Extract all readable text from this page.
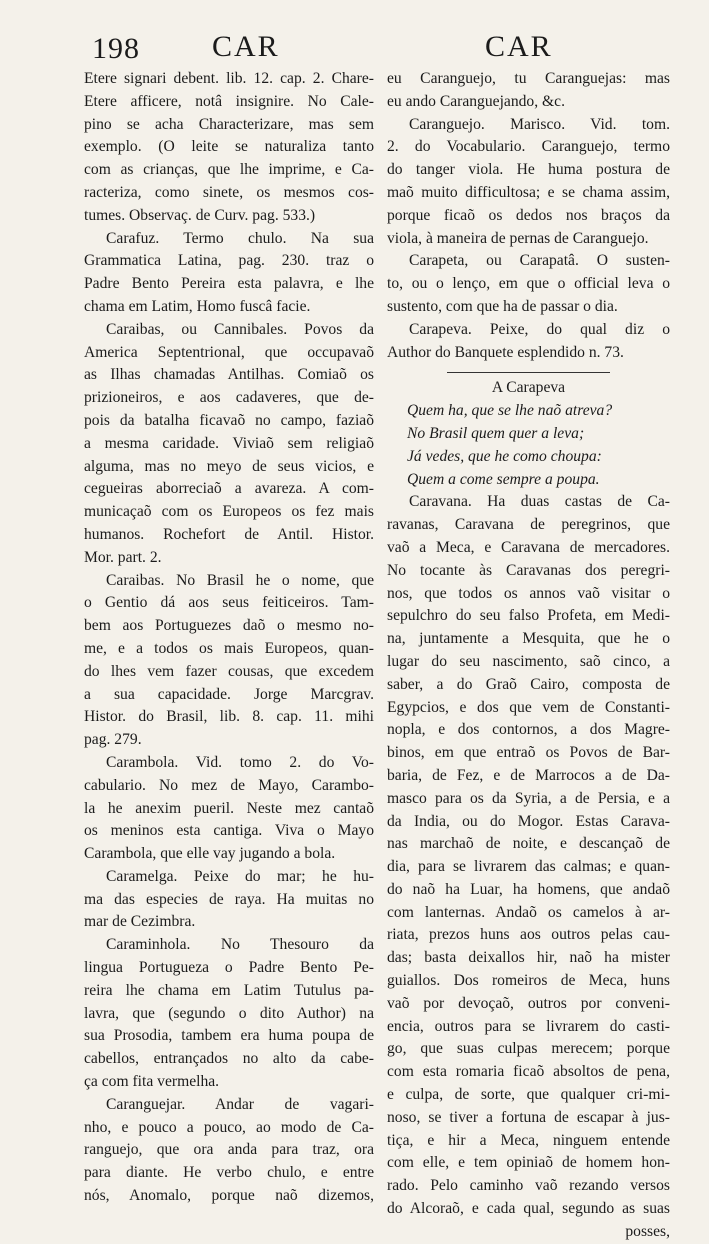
198 CAR	CAR
Etere signari debent. lib. 12. cap. 2. Chare-
Etere afficere, notâ insignire. No Cale-
pino se acha Characterizare, mas sem
exemplo. (O leite se naturaliza tanto
com as crianças, que lhe imprime, e Ca-
racteriza, como sinete, os mesmos cos-
tumes. Observaç. de Curv. pag. 533.)
Carafuz. Termo chulo. Na sua
Grammatica Latina, pag. 230. traz o
Padre Bento Pereira esta palavra, e lhe
chama em Latim, Homo fuscâ facie.
Caraibas, ou Cannibales. Povos da
America Septentrional, que occupavaõ
as Ilhas chamadas Antilhas. Comiaõ os
prizioneiros, e aos cadaveres, que de-
pois da batalha ficavaõ no campo, faziaõ
a mesma caridade. Viviaõ sem religiaõ
alguma, mas no meyo de seus vicios, e
cegueiras aborreciaõ a avareza. A com-
municaçaõ com os Europeos os fez mais
humanos. Rochefort de Antil. Histor.
Mor. part. 2.
Caraibas. No Brasil he o nome, que
o Gentio dá aos seus feiticeiros. Tam-
bem aos Portuguezes daõ o mesmo no-
me, e a todos os mais Europeos, quan-
do lhes vem fazer cousas, que excedem
a sua capacidade. Jorge Marcgrav.
Histor. do Brasil, lib. 8. cap. 11. mihi
pag. 279.
Carambola. Vid. tomo 2. do Vo-
cabulario. No mez de Mayo, Carambo-
la he anexim pueril. Neste mez cantaõ
os meninos esta cantiga. Viva o Mayo
Carambola, que elle vay jugando a bola.
Caramelga. Peixe do mar; he hu-
ma das especies de raya. Ha muitas no
mar de Cezimbra.
Caraminhola. No Thesouro da
lingua Portugueza o Padre Bento Pe-
reira lhe chama em Latim Tutulus pa-
lavra, que (segundo o dito Author) na
sua Prosodia, tambem era huma poupa de
cabellos, entrançados no alto da cabe-
ça com fita vermelha.
Caranguejar. Andar de vagari-
nho, e pouco a pouco, ao modo de Ca-
ranguejo, que ora anda para traz, ora
para diante. He verbo chulo, e entre
nós, Anomalo, porque naõ dizemos,
eu Caranguejo, tu Caranguejas: mas
eu ando Caranguejando, &c.
Caranguejo. Marisco. Vid. tom.
2. do Vocabulario. Caranguejo, termo
do tanger viola. He huma postura de
maõ muito difficultosa; e se chama assim,
porque ficaõ os dedos nos braços da
viola, à maneira de pernas de Caranguejo.
Carapeta, ou Carapatâ. O susten-
to, ou o lenço, em que o official leva o
sustento, com que ha de passar o dia.
Carapeva. Peixe, do qual diz o
Author do Banquete esplendido n. 73.
A Carapeva
Quem ha, que se lhe naõ atreva?
No Brasil quem quer a leva;
Já vedes, que he como choupa:
Quem a come sempre a poupa.
Caravana. Ha duas castas de Ca-
ravanas, Caravana de peregrinos, que
vaõ a Meca, e Caravana de mercadores.
No tocante às Caravanas dos peregri-
nos, que todos os annos vaõ visitar o
sepulchro do seu falso Profeta, em Medi-
na, juntamente a Mesquita, que he o
lugar do seu nascimento, saõ cinco, a
saber, a do Graõ Cairo, composta de
Egypcios, e dos que vem de Constanti-
nopla, e dos contornos, a dos Magre-
binos, em que entraõ os Povos de Bar-
baria, de Fez, e de Marrocos a de Da-
masco para os da Syria, a de Persia, e a
da India, ou do Mogor. Estas Carava-
nas marchaõ de noite, e descançaõ de
dia, para se livrarem das calmas; e quan-
do naõ ha Luar, ha homens, que andaõ
com lanternas. Andaõ os camelos à ar-
riata, prezos huns aos outros pelas cau-
das; basta deixallos hir, naõ ha mister
guiallos. Dos romeiros de Meca, huns
vaõ por devoçaõ, outros por conveni-
encia, outros para se livrarem do casti-
go, que suas culpas merecem; porque
com esta romaria ficaõ absoltos de pena,
e culpa, de sorte, que qualquer cri-mi-
noso, se tiver a fortuna de escapar à jus-
tiça, e hir a Meca, ninguem entende
com elle, e tem opiniaõ de homem hon-
rado. Pelo caminho vaõ rezando versos
do Alcoraõ, e cada qual, segundo as suas
posses,
